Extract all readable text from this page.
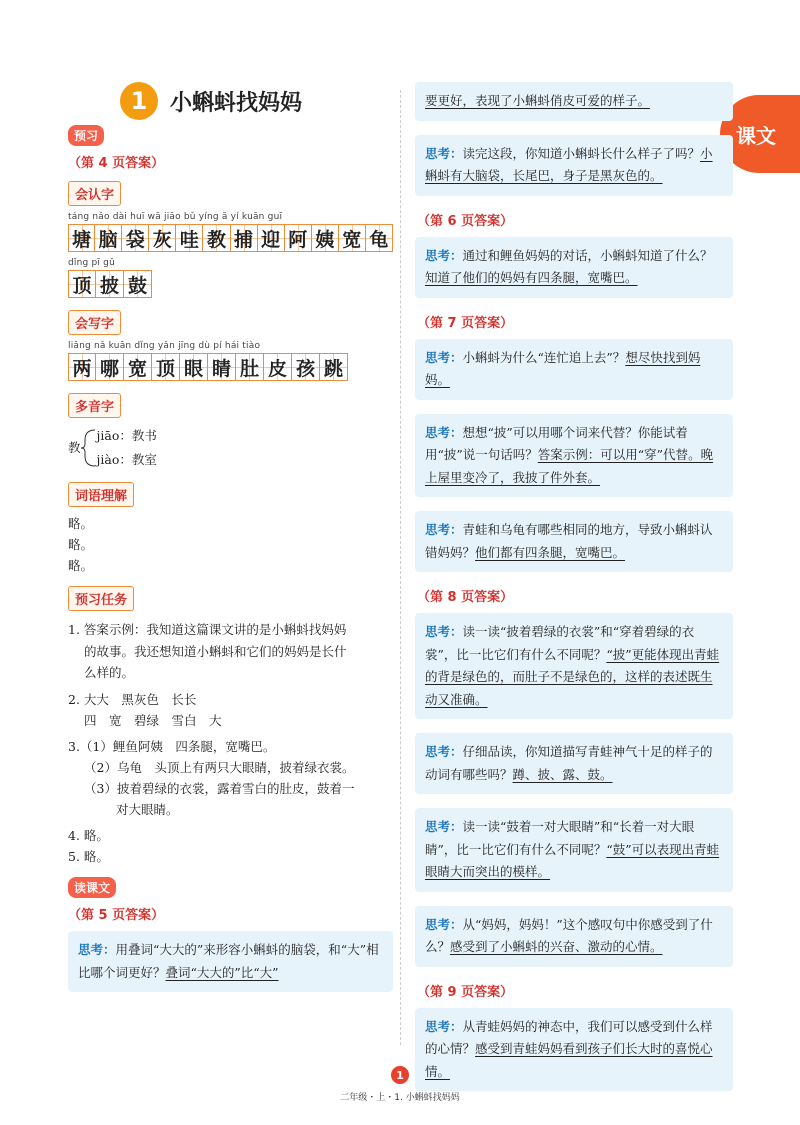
1	小蝌蚪找妈妈
课文
预习
（第 4 页答案）
会认字
táng nǎo dài huī wā jiāo bǔ yíng ā yí kuān guī
塘 脑 袋 灰 哇 教 捕 迎 阿 姨 宽 龟
dǐng pī gǔ
顶 披 鼓
会写字
liǎng nǎ kuān dǐng yǎn jīng dù pí hái tiào
两 哪 宽 顶 眼 睛 肚 皮 孩 跳
多音字
教
jiāo：教书
jiào：教室
词语理解
略。
略。
略。
预习任务
1. 答案示例：我知道这篇课文讲的是小蝌蚪找妈妈
的故事。我还想知道小蝌蚪和它们的妈妈是长什
么样的。
2. 大大　黑灰色　长长
四　宽　碧绿　雪白　大
3.（1）鲤鱼阿姨　四条腿，宽嘴巴。
（2）乌龟　头顶上有两只大眼睛，披着绿衣裳。
（3）披着碧绿的衣裳，露着雪白的肚皮，鼓着一
对大眼睛。
4. 略。
5. 略。
读课文
（第 5 页答案）
思考：用叠词“大大的”来形容小蝌蚪的脑袋，和“大”相比哪个词更好？叠词“大大的”比“大”
要更好，表现了小蝌蚪俏皮可爱的样子。
思考：读完这段，你知道小蝌蚪长什么样子了吗？小蝌蚪有大脑袋，长尾巴，身子是黑灰色的。
（第 6 页答案）
思考：通过和鲤鱼妈妈的对话，小蝌蚪知道了什么？知道了他们的妈妈有四条腿，宽嘴巴。
（第 7 页答案）
思考：小蝌蚪为什么“连忙追上去”？想尽快找到妈妈。
思考：想想“披”可以用哪个词来代替？你能试着用“披”说一句话吗？答案示例：可以用“穿”代替。晚上屋里变冷了，我披了件外套。
思考：青蛙和乌龟有哪些相同的地方，导致小蝌蚪认错妈妈？他们都有四条腿，宽嘴巴。
（第 8 页答案）
思考：读一读“披着碧绿的衣裳”和“穿着碧绿的衣裳”，比一比它们有什么不同呢？“披”更能体现出青蛙的背是绿色的，而肚子不是绿色的，这样的表述既生动又准确。
思考：仔细品读，你知道描写青蛙神气十足的样子的动词有哪些吗？蹲、披、露、鼓。
思考：读一读“鼓着一对大眼睛”和“长着一对大眼睛”，比一比它们有什么不同呢？“鼓”可以表现出青蛙眼睛大而突出的模样。
思考：从“妈妈，妈妈！”这个感叹句中你感受到了什么？感受到了小蝌蚪的兴奋、激动的心情。
（第 9 页答案）
思考：从青蛙妈妈的神态中，我们可以感受到什么样的心情？感受到青蛙妈妈看到孩子们长大时的喜悦心情。
1
二年级・上・1. 小蝌蚪找妈妈
